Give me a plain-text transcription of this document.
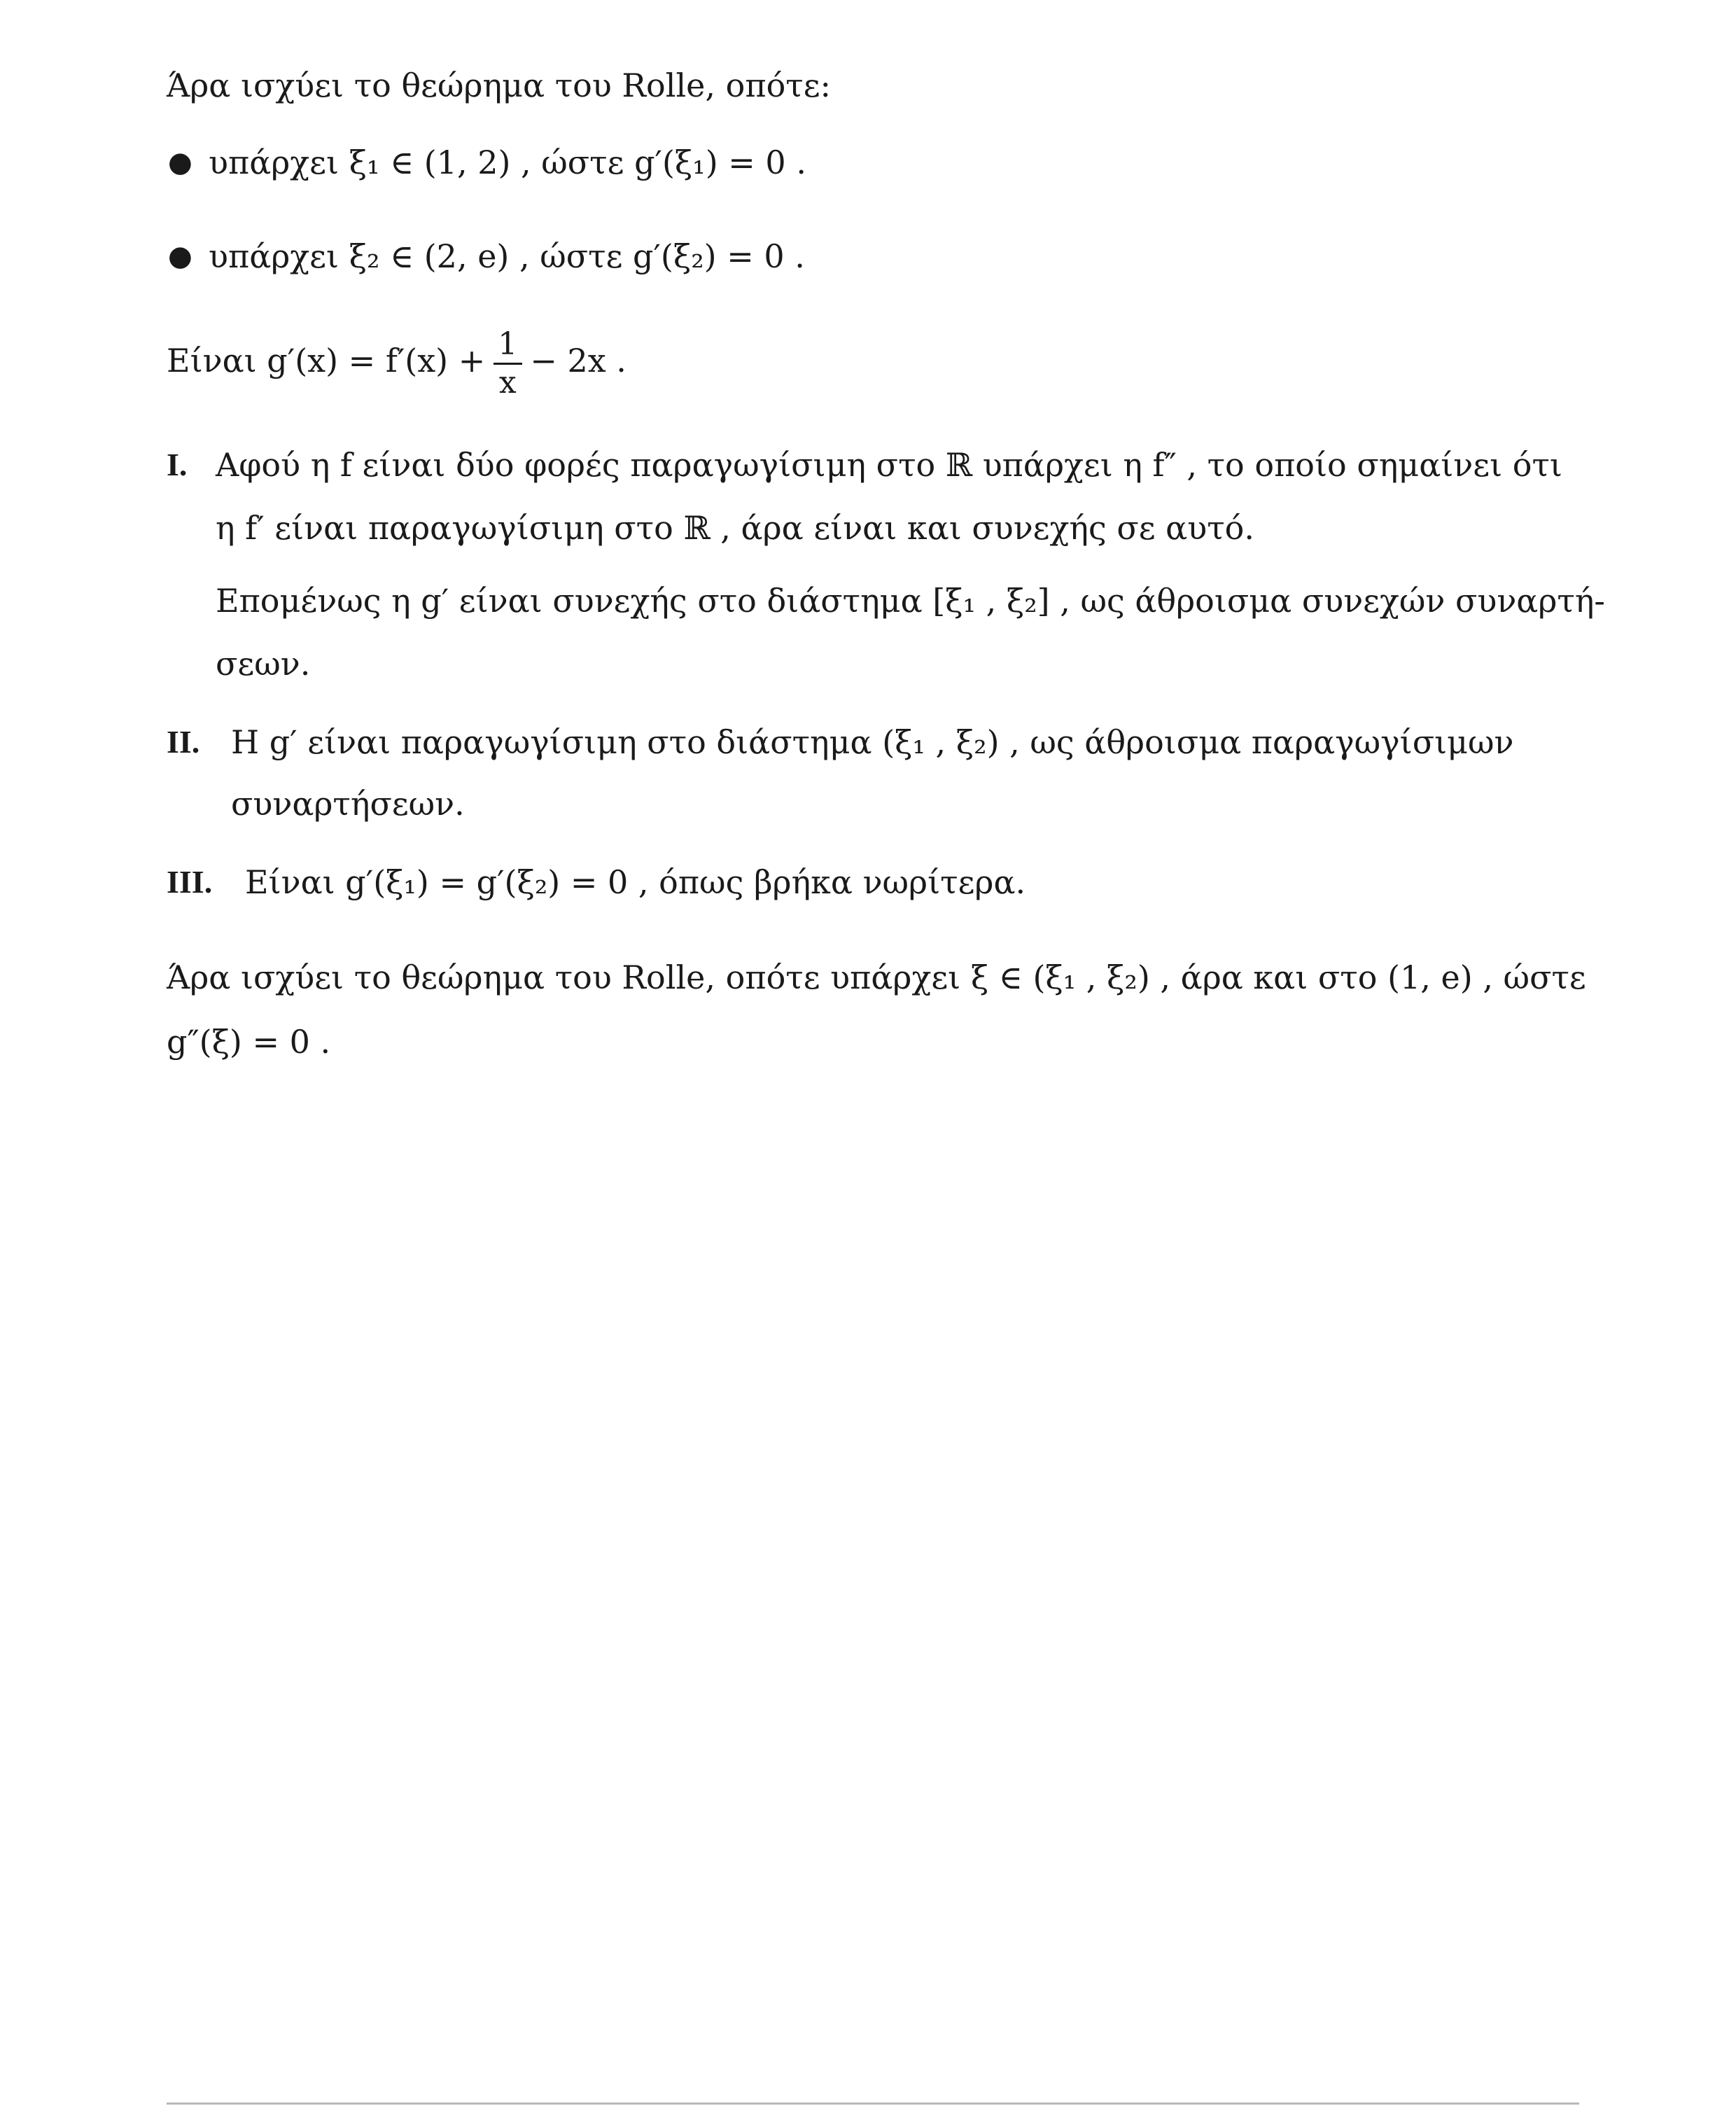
Άρα ισχύει το θεώρημα του Rolle, οπότε:
● υπάρχει ξ₁ ∈ (1, 2) , ώστε g′(ξ₁) = 0 .
● υπάρχει ξ₂ ∈ (2, e) , ώστε g′(ξ₂) = 0 .
Είναι $g'(x) = f'(x) + \frac{1}{x} - 2x$ .
I. Αφού η f είναι δύο φορές παραγωγίσιμη στο ℝ υπάρχει η f″ , το οποίο σημαίνει ότι
η f′ είναι παραγωγίσιμη στο ℝ , άρα είναι και συνεχής σε αυτό.
Επομένως η g′ είναι συνεχής στο διάστημα [ξ₁ , ξ₂] , ως άθροισμα συνεχών συναρτή-
σεων.
II. Η g′ είναι παραγωγίσιμη στο διάστημα (ξ₁ , ξ₂) , ως άθροισμα παραγωγίσιμων
συναρτήσεων.
III. Είναι g′(ξ₁) = g′(ξ₂) = 0 , όπως βρήκα νωρίτερα.
Άρα ισχύει το θεώρημα του Rolle, οπότε υπάρχει ξ ∈ (ξ₁ , ξ₂) , άρα και στο (1, e) , ώστε
g″(ξ) = 0 .
